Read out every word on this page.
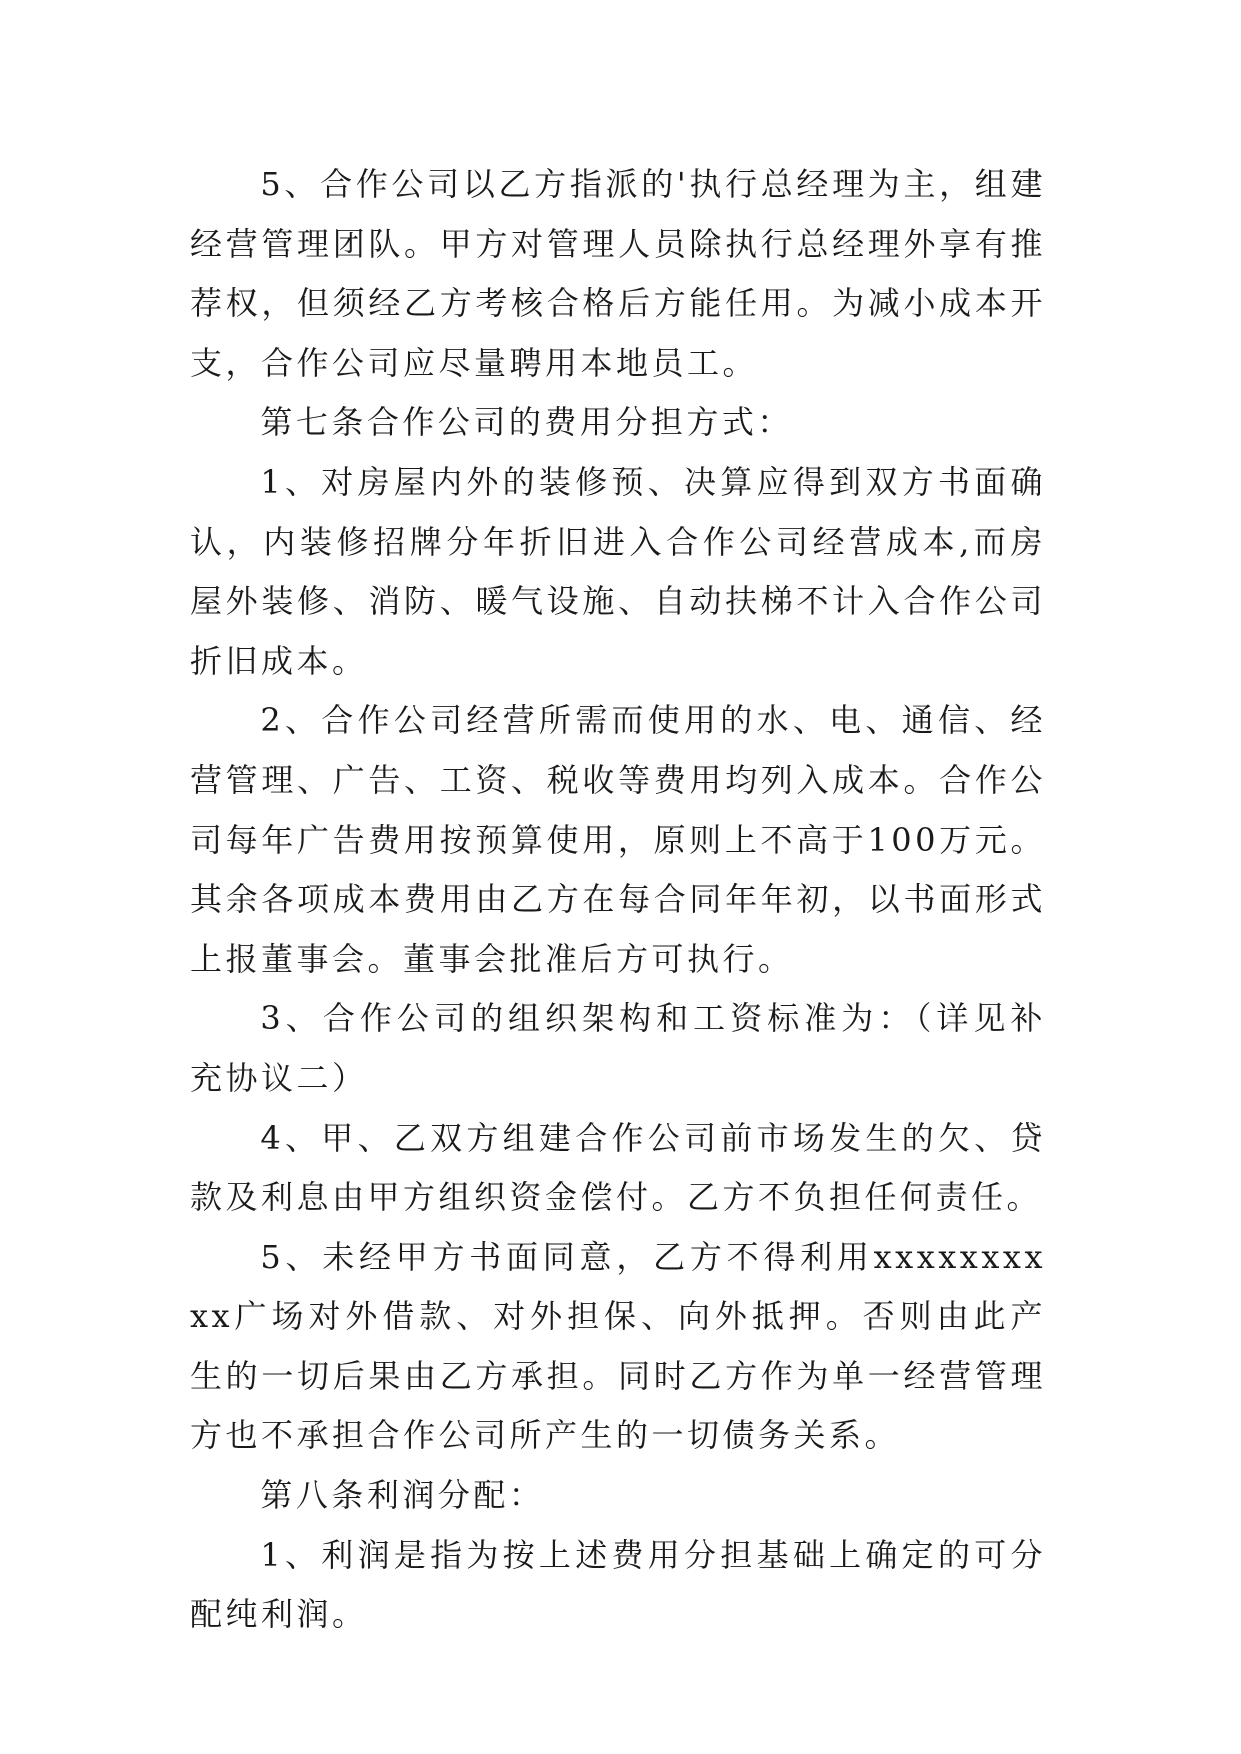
5、合作公司以乙方指派的'执行总经理为主，组建经营管理团队。甲方对管理人员除执行总经理外享有推荐权，但须经乙方考核合格后方能任用。为减小成本开支，合作公司应尽量聘用本地员工。

第七条合作公司的费用分担方式：

1、对房屋内外的装修预、决算应得到双方书面确认，内装修招牌分年折旧进入合作公司经营成本,而房屋外装修、消防、暖气设施、自动扶梯不计入合作公司折旧成本。

2、合作公司经营所需而使用的水、电、通信、经营管理、广告、工资、税收等费用均列入成本。合作公司每年广告费用按预算使用，原则上不高于100万元。其余各项成本费用由乙方在每合同年年初，以书面形式上报董事会。董事会批准后方可执行。

3、合作公司的组织架构和工资标准为：（详见补充协议二）

4、甲、乙双方组建合作公司前市场发生的欠、贷款及利息由甲方组织资金偿付。乙方不负担任何责任。

5、未经甲方书面同意，乙方不得利用xxxxxxxxxx广场对外借款、对外担保、向外抵押。否则由此产生的一切后果由乙方承担。同时乙方作为单一经营管理方也不承担合作公司所产生的一切债务关系。

第八条利润分配：

1、利润是指为按上述费用分担基础上确定的可分配纯利润。
